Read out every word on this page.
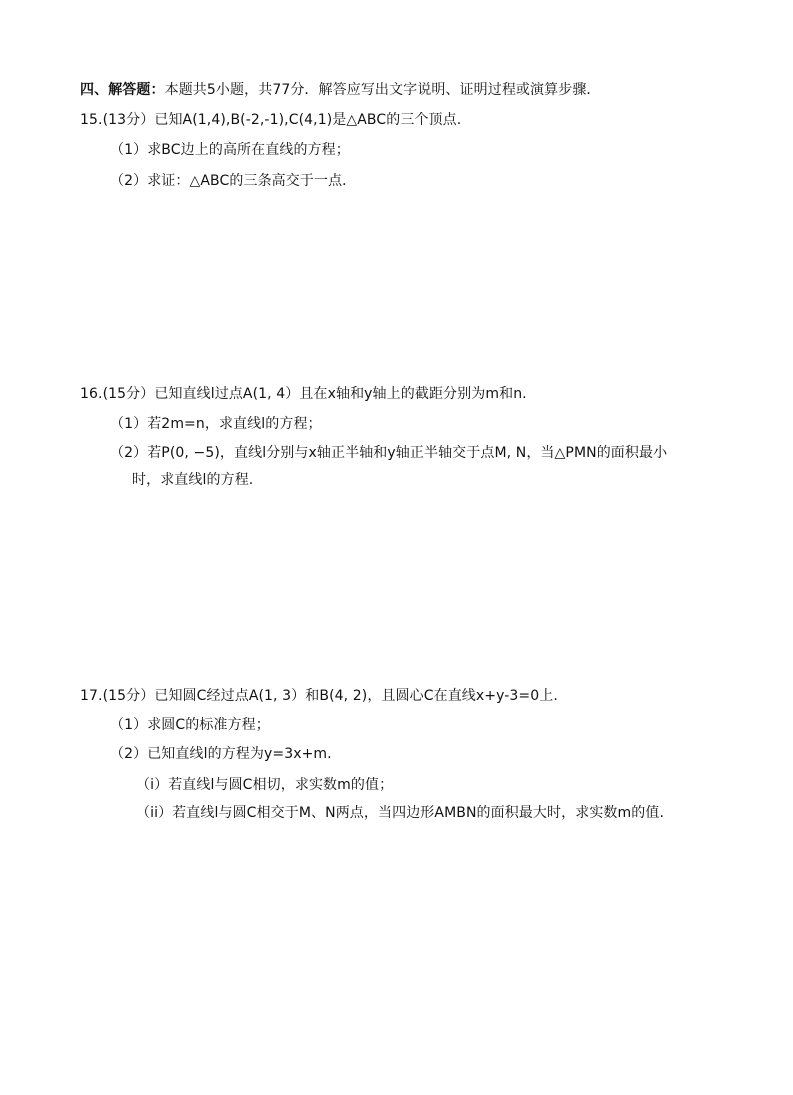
四、解答题：本题共5小题，共77分．解答应写出文字说明、证明过程或演算步骤．
15.(13分）已知A(1,4),B(-2,-1),C(4,1)是△ABC的三个顶点.
（1）求BC边上的高所在直线的方程；
（2）求证：△ABC的三条高交于一点．
16.(15分）已知直线l过点A(1, 4）且在x轴和y轴上的截距分别为m和n.
（1）若2m=n，求直线l的方程；
（2）若P(0, −5)，直线l分别与x轴正半轴和y轴正半轴交于点M, N，当△PMN的面积最小
时，求直线l的方程.
17.(15分）已知圆C经过点A(1, 3）和B(4, 2)，且圆心C在直线x+y-3=0上.
（1）求圆C的标准方程；
（2）已知直线l的方程为y=3x+m.
（i）若直线l与圆C相切，求实数m的值；
（ii）若直线l与圆C相交于M、N两点，当四边形AMBN的面积最大时，求实数m的值.
